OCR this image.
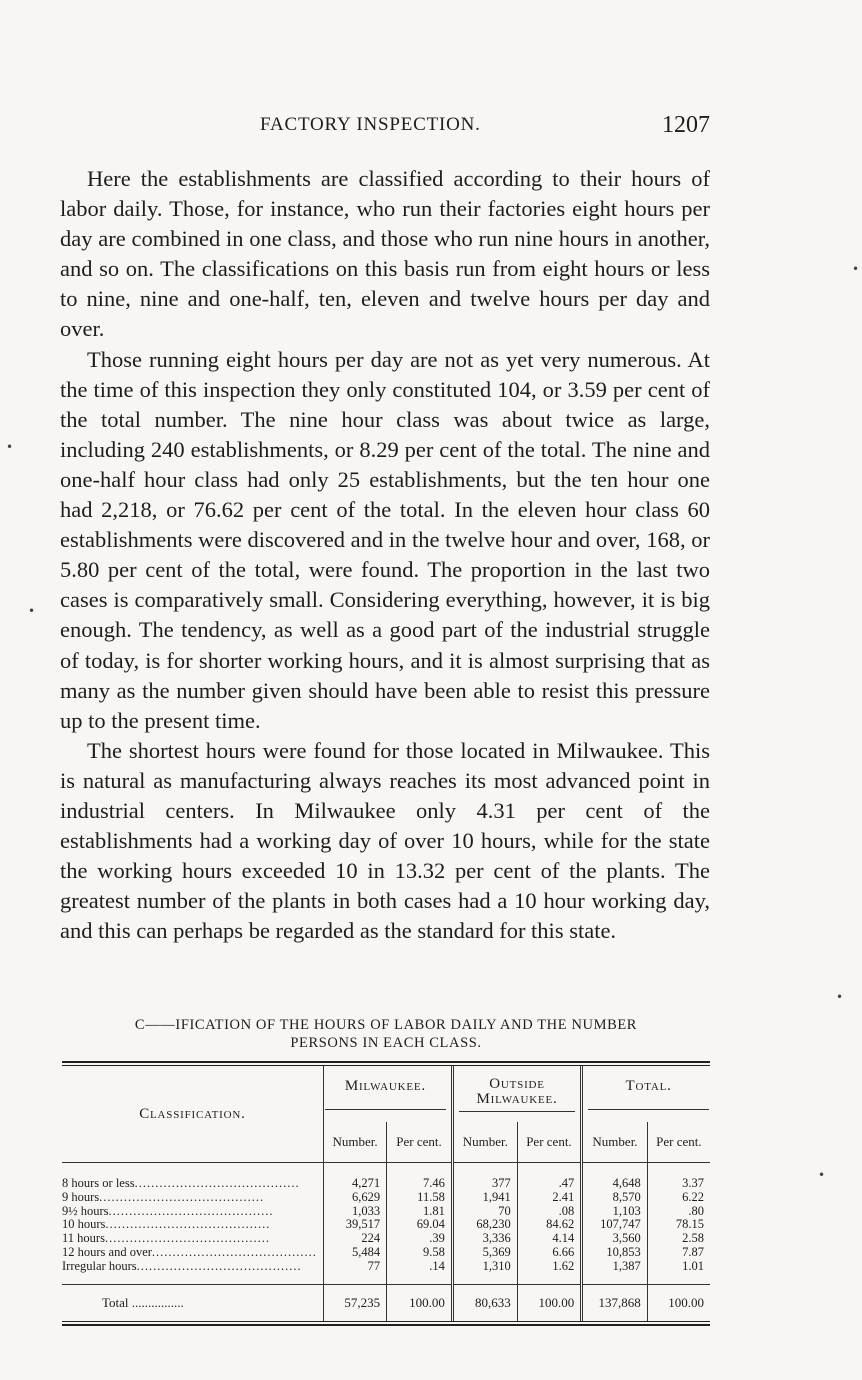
FACTORY INSPECTION.	1207

Here the establishments are classified according to their hours of labor daily. Those, for instance, who run their factories eight hours per day are combined in one class, and those who run nine hours in another, and so on. The classifications on this basis run from eight hours or less to nine, nine and one-half, ten, eleven and twelve hours per day and over.

Those running eight hours per day are not as yet very numerous. At the time of this inspection they only constituted 104, or 3.59 per cent of the total number. The nine hour class was about twice as large, including 240 establishments, or 8.29 per cent of the total. The nine and one-half hour class had only 25 establishments, but the ten hour one had 2,218, or 76.62 per cent of the total. In the eleven hour class 60 establishments were discovered and in the twelve hour and over, 168, or 5.80 per cent of the total, were found. The proportion in the last two cases is comparatively small. Considering everything, however, it is big enough. The tendency, as well as a good part of the industrial struggle of today, is for shorter working hours, and it is almost surprising that as many as the number given should have been able to resist this pressure up to the present time.

The shortest hours were found for those located in Milwaukee. This is natural as manufacturing always reaches its most advanced point in industrial centers. In Milwaukee only 4.31 per cent of the establishments had a working day of over 10 hours, while for the state the working hours exceeded 10 in 13.32 per cent of the plants. The greatest number of the plants in both cases had a 10 hour working day, and this can perhaps be regarded as the standard for this state.

C——IFICATION OF THE HOURS OF LABOR DAILY AND THE NUMBER
PERSONS IN EACH CLASS.
Classification.	Milwaukee.		Outside Milwaukee.		Total.	

	Number.	Per cent.	Number.	Per cent.	Number.	Per cent.

8 hours or less ........................................	4,271	7.46	377	.47	4,648	3.37

9 hours ........................................	6,629	11.58	1,941	2.41	8,570	6.22

9½ hours ........................................	1,033	1.81	70	.08	1,103	.80

10 hours ........................................	39,517	69.04	68,230	84.62	107,747	78.15

11 hours ........................................	224	.39	3,336	4.14	3,560	2.58

12 hours and over ........................................	5,484	9.58	5,369	6.66	10,853	7.87

Irregular hours ........................................	77	.14	1,310	1.62	1,387	1.01

Total ................	57,235	100.00	80,633	100.00	137,868	100.00
•
•
•
•
•
